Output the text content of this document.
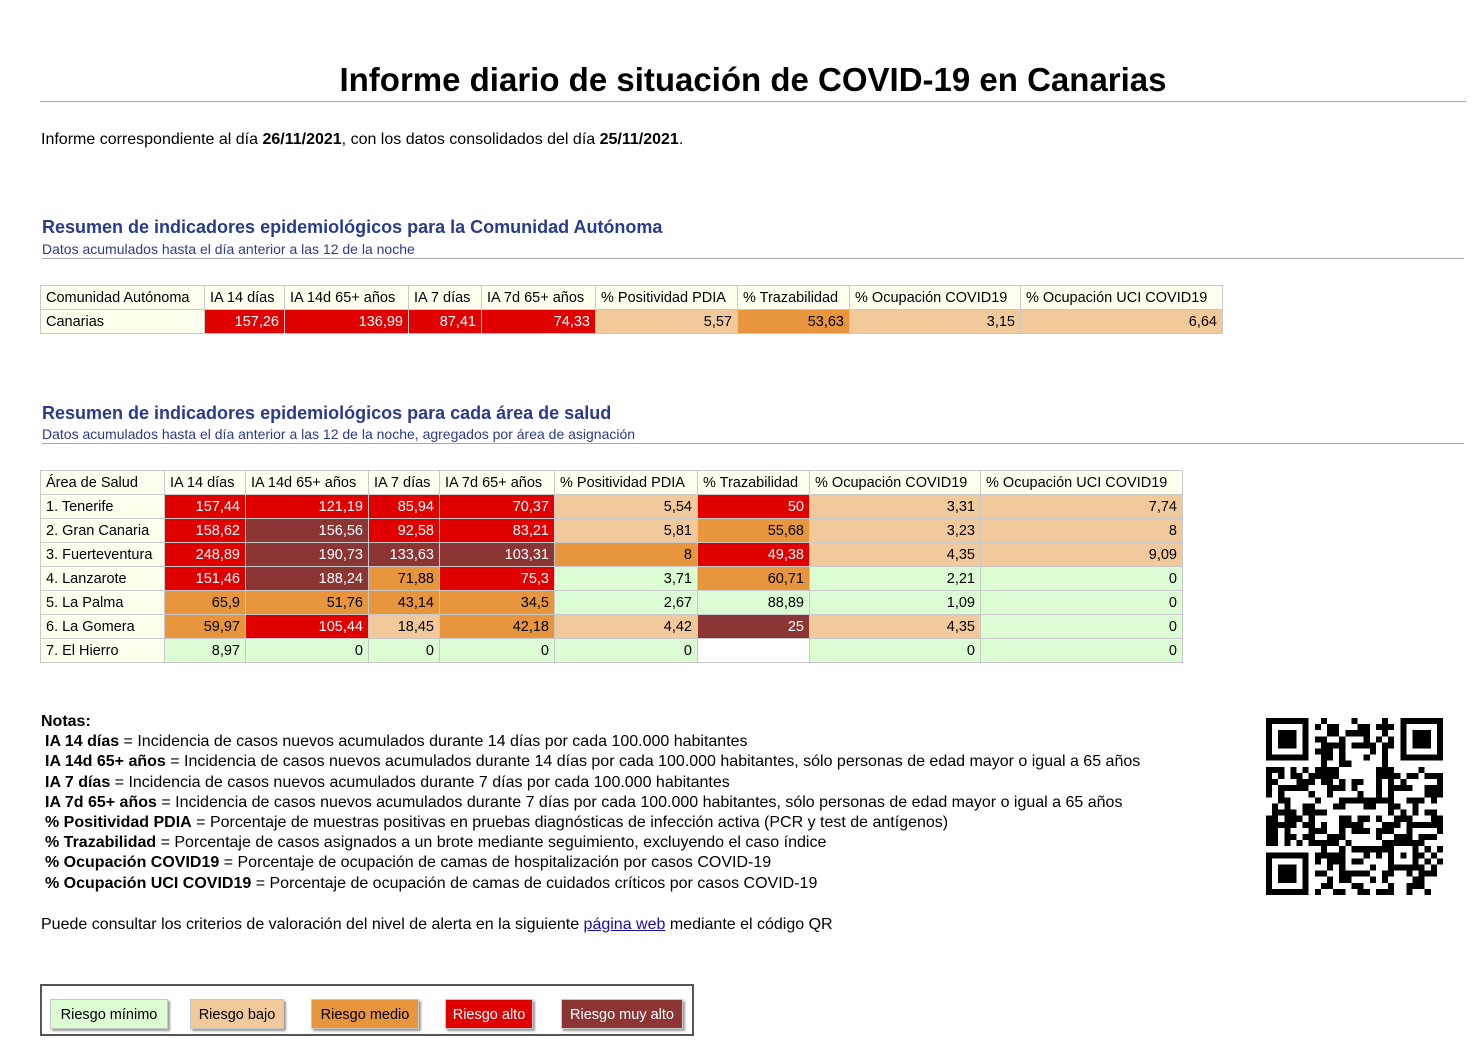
Informe diario de situación de COVID-19 en Canarias
Informe correspondiente al día 26/11/2021, con los datos consolidados del día 25/11/2021.
Resumen de indicadores epidemiológicos para la Comunidad Autónoma
Datos acumulados hasta el día anterior a las 12 de la noche
Comunidad Autónoma	IA 14 días	IA 14d 65+ años	IA 7 días	IA 7d 65+ años	% Positividad PDIA	% Trazabilidad	% Ocupación COVID19	% Ocupación UCI COVID19
Canarias	157,26	136,99	87,41	74,33	5,57	53,63	3,15	6,64
Resumen de indicadores epidemiológicos para cada área de salud
Datos acumulados hasta el día anterior a las 12 de la noche, agregados por área de asignación
Área de Salud	IA 14 días	IA 14d 65+ años	IA 7 días	IA 7d 65+ años	% Positividad PDIA	% Trazabilidad	% Ocupación COVID19	% Ocupación UCI COVID19
1. Tenerife	157,44	121,19	85,94	70,37	5,54	50	3,31	7,74
2. Gran Canaria	158,62	156,56	92,58	83,21	5,81	55,68	3,23	8
3. Fuerteventura	248,89	190,73	133,63	103,31	8	49,38	4,35	9,09
4. Lanzarote	151,46	188,24	71,88	75,3	3,71	60,71	2,21	0
5. La Palma	65,9	51,76	43,14	34,5	2,67	88,89	1,09	0
6. La Gomera	59,97	105,44	18,45	42,18	4,42	25	4,35	0
7. El Hierro	8,97	0	0	0	0		0	0
Notas:
IA 14 días = Incidencia de casos nuevos acumulados durante 14 días por cada 100.000 habitantes
IA 14d 65+ años = Incidencia de casos nuevos acumulados durante 14 días por cada 100.000 habitantes, sólo personas de edad mayor o igual a 65 años
IA 7 días = Incidencia de casos nuevos acumulados durante 7 días por cada 100.000 habitantes
IA 7d 65+ años = Incidencia de casos nuevos acumulados durante 7 días por cada 100.000 habitantes, sólo personas de edad mayor o igual a 65 años
% Positividad PDIA = Porcentaje de muestras positivas en pruebas diagnósticas de infección activa (PCR y test de antígenos)
% Trazabilidad = Porcentaje de casos asignados a un brote mediante seguimiento, excluyendo el caso índice
% Ocupación COVID19 = Porcentaje de ocupación de camas de hospitalización por casos COVID-19
% Ocupación UCI COVID19 = Porcentaje de ocupación de camas de cuidados críticos por casos COVID-19
Puede consultar los criterios de valoración del nivel de alerta en la siguiente página web mediante el código QR
Riesgo mínimo	Riesgo bajo	Riesgo medio	Riesgo alto	Riesgo muy alto
